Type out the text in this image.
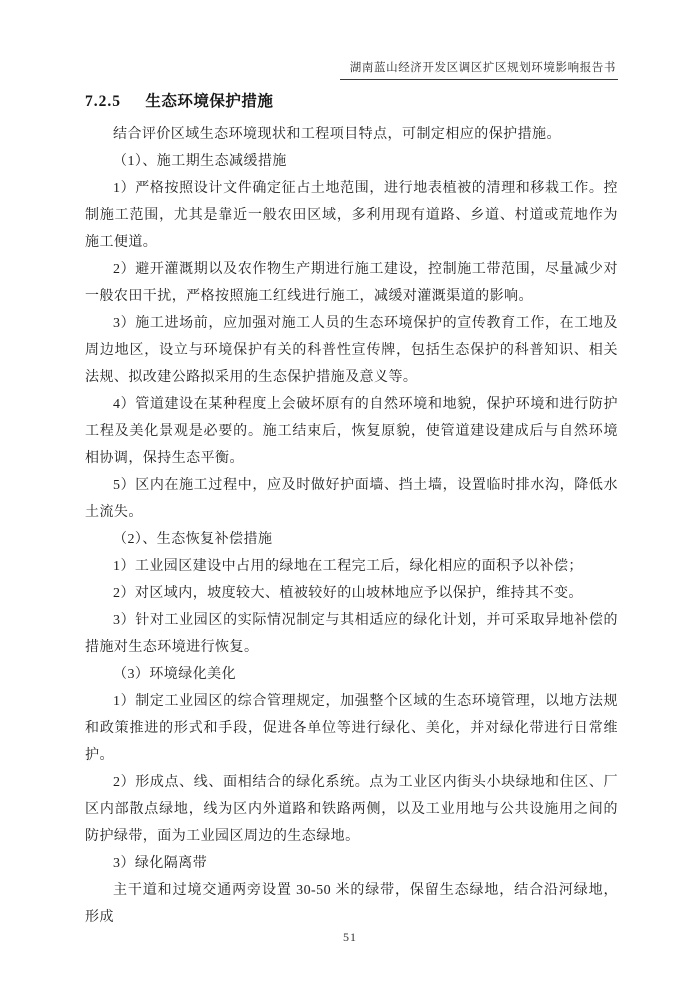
湖南蓝山经济开发区调区扩区规划环境影响报告书
7.2.5 生态环境保护措施

结合评价区域生态环境现状和工程项目特点，可制定相应的保护措施。

（1）、施工期生态减缓措施

1）严格按照设计文件确定征占土地范围，进行地表植被的清理和移栽工作。控制施工范围，尤其是靠近一般农田区域，多利用现有道路、乡道、村道或荒地作为施工便道。

2）避开灌溉期以及农作物生产期进行施工建设，控制施工带范围，尽量减少对一般农田干扰，严格按照施工红线进行施工，减缓对灌溉渠道的影响。

3）施工进场前，应加强对施工人员的生态环境保护的宣传教育工作，在工地及周边地区，设立与环境保护有关的科普性宣传牌，包括生态保护的科普知识、相关法规、拟改建公路拟采用的生态保护措施及意义等。

4）管道建设在某种程度上会破坏原有的自然环境和地貌，保护环境和进行防护工程及美化景观是必要的。施工结束后，恢复原貌，使管道建设建成后与自然环境相协调，保持生态平衡。

5）区内在施工过程中，应及时做好护面墙、挡土墙，设置临时排水沟，降低水土流失。

（2）、生态恢复补偿措施

1）工业园区建设中占用的绿地在工程完工后，绿化相应的面积予以补偿；

2）对区域内，坡度较大、植被较好的山坡林地应予以保护，维持其不变。

3）针对工业园区的实际情况制定与其相适应的绿化计划，并可采取异地补偿的措施对生态环境进行恢复。

（3）环境绿化美化

1）制定工业园区的综合管理规定，加强整个区域的生态环境管理，以地方法规和政策推进的形式和手段，促进各单位等进行绿化、美化，并对绿化带进行日常维护。

2）形成点、线、面相结合的绿化系统。点为工业区内街头小块绿地和住区、厂区内部散点绿地，线为区内外道路和铁路两侧，以及工业用地与公共设施用之间的防护绿带，面为工业园区周边的生态绿地。

3）绿化隔离带

主干道和过境交通两旁设置 30-50 米的绿带，保留生态绿地，结合沿河绿地，形成

51
